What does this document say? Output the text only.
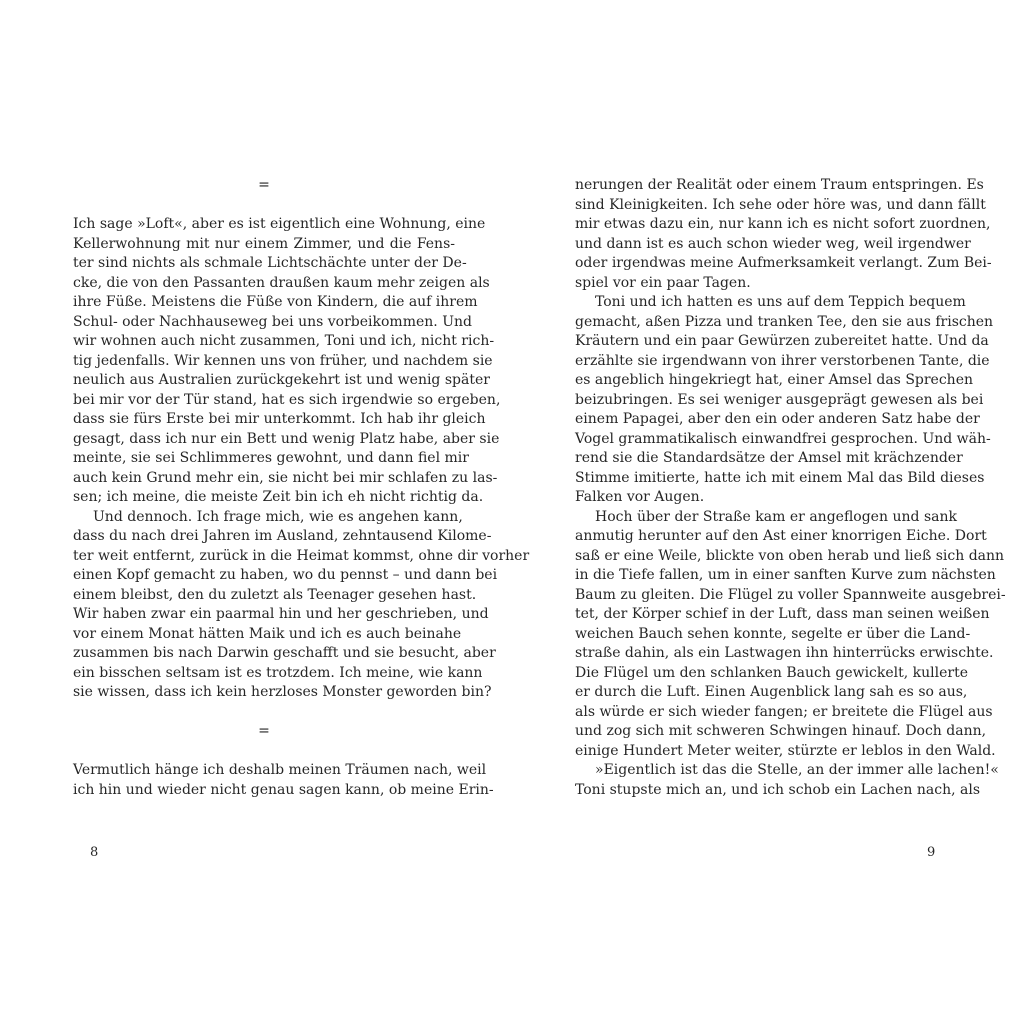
=
Ich sage »Loft«, aber es ist eigentlich eine Wohnung, eine
Kellerwohnung mit nur einem Zimmer, und die Fens-
ter sind nichts als schmale Lichtschächte unter der De-
cke, die von den Passanten draußen kaum mehr zeigen als
ihre Füße. Meistens die Füße von Kindern, die auf ihrem
Schul- oder Nachhauseweg bei uns vorbeikommen. Und
wir wohnen auch nicht zusammen, Toni und ich, nicht rich-
tig jedenfalls. Wir kennen uns von früher, und nachdem sie
neulich aus Australien zurückgekehrt ist und wenig später
bei mir vor der Tür stand, hat es sich irgendwie so ergeben,
dass sie fürs Erste bei mir unterkommt. Ich hab ihr gleich
gesagt, dass ich nur ein Bett und wenig Platz habe, aber sie
meinte, sie sei Schlimmeres gewohnt, und dann fiel mir
auch kein Grund mehr ein, sie nicht bei mir schlafen zu las-
sen; ich meine, die meiste Zeit bin ich eh nicht richtig da.
Und dennoch. Ich frage mich, wie es angehen kann,
dass du nach drei Jahren im Ausland, zehntausend Kilome-
ter weit entfernt, zurück in die Heimat kommst, ohne dir vorher
einen Kopf gemacht zu haben, wo du pennst – und dann bei
einem bleibst, den du zuletzt als Teenager gesehen hast.
Wir haben zwar ein paarmal hin und her geschrieben, und
vor einem Monat hätten Maik und ich es auch beinahe
zusammen bis nach Darwin geschafft und sie besucht, aber
ein bisschen seltsam ist es trotzdem. Ich meine, wie kann
sie wissen, dass ich kein herzloses Monster geworden bin?
=
Vermutlich hänge ich deshalb meinen Träumen nach, weil
ich hin und wieder nicht genau sagen kann, ob meine Erin-
8
nerungen der Realität oder einem Traum entspringen. Es
sind Kleinigkeiten. Ich sehe oder höre was, und dann fällt
mir etwas dazu ein, nur kann ich es nicht sofort zuordnen,
und dann ist es auch schon wieder weg, weil irgendwer
oder irgendwas meine Aufmerksamkeit verlangt. Zum Bei-
spiel vor ein paar Tagen.
Toni und ich hatten es uns auf dem Teppich bequem
gemacht, aßen Pizza und tranken Tee, den sie aus frischen
Kräutern und ein paar Gewürzen zubereitet hatte. Und da
erzählte sie irgendwann von ihrer verstorbenen Tante, die
es angeblich hingekriegt hat, einer Amsel das Sprechen
beizubringen. Es sei weniger ausgeprägt gewesen als bei
einem Papagei, aber den ein oder anderen Satz habe der
Vogel grammatikalisch einwandfrei gesprochen. Und wäh-
rend sie die Standardsätze der Amsel mit krächzender
Stimme imitierte, hatte ich mit einem Mal das Bild dieses
Falken vor Augen.
Hoch über der Straße kam er angeflogen und sank
anmutig herunter auf den Ast einer knorrigen Eiche. Dort
saß er eine Weile, blickte von oben herab und ließ sich dann
in die Tiefe fallen, um in einer sanften Kurve zum nächsten
Baum zu gleiten. Die Flügel zu voller Spannweite ausgebrei-
tet, der Körper schief in der Luft, dass man seinen weißen
weichen Bauch sehen konnte, segelte er über die Land-
straße dahin, als ein Lastwagen ihn hinterrücks erwischte.
Die Flügel um den schlanken Bauch gewickelt, kullerte
er durch die Luft. Einen Augenblick lang sah es so aus,
als würde er sich wieder fangen; er breitete die Flügel aus
und zog sich mit schweren Schwingen hinauf. Doch dann,
einige Hundert Meter weiter, stürzte er leblos in den Wald.
»Eigentlich ist das die Stelle, an der immer alle lachen!«
Toni stupste mich an, und ich schob ein Lachen nach, als
9
